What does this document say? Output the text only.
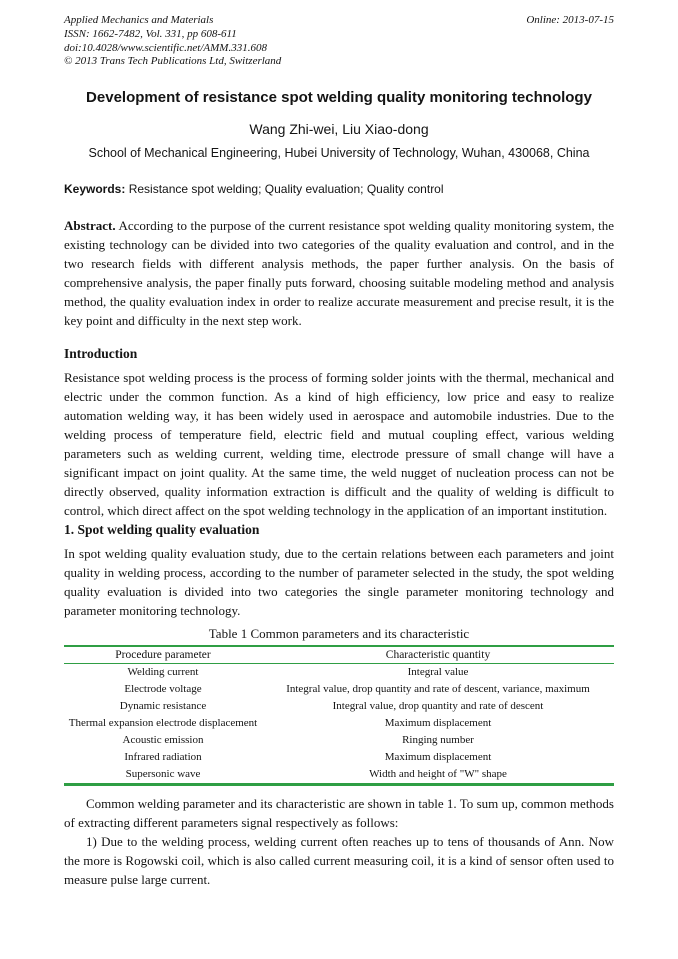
Applied Mechanics and Materials
ISSN: 1662-7482, Vol. 331, pp 608-611
doi:10.4028/www.scientific.net/AMM.331.608
© 2013 Trans Tech Publications Ltd, Switzerland
Online: 2013-07-15
Development of resistance spot welding quality monitoring technology
Wang Zhi-wei, Liu Xiao-dong
School of Mechanical Engineering, Hubei University of Technology, Wuhan, 430068, China
Keywords: Resistance spot welding; Quality evaluation; Quality control

Abstract. According to the purpose of the current resistance spot welding quality monitoring system, the existing technology can be divided into two categories of the quality evaluation and control, and in the two research fields with different analysis methods, the paper further analysis. On the basis of comprehensive analysis, the paper finally puts forward, choosing suitable modeling method and analysis method, the quality evaluation index in order to realize accurate measurement and precise result, it is the key point and difficulty in the next step work.

Introduction

Resistance spot welding process is the process of forming solder joints with the thermal, mechanical and electric under the common function. As a kind of high efficiency, low price and easy to realize automation welding way, it has been widely used in aerospace and automobile industries. Due to the welding process of temperature field, electric field and mutual coupling effect, various welding parameters such as welding current, welding time, electrode pressure of small change will have a significant impact on joint quality. At the same time, the weld nugget of nucleation process can not be directly observed, quality information extraction is difficult and the quality of welding is difficult to control, which direct affect on the spot welding technology in the application of an important institution.

1. Spot welding quality evaluation

In spot welding quality evaluation study, due to the certain relations between each parameters and joint quality in welding process, according to the number of parameter selected in the study, the spot welding quality evaluation is divided into two categories the single parameter monitoring technology and parameter monitoring technology.

Table 1 Common parameters and its characteristic
Procedure parameter	Characteristic quantity
Welding current	Integral value
Electrode voltage	Integral value, drop quantity and rate of descent, variance, maximum
Dynamic resistance	Integral value, drop quantity and rate of descent
Thermal expansion electrode displacement	Maximum displacement
Acoustic emission	Ringing number
Infrared radiation	Maximum displacement
Supersonic wave	Width and height of "W" shape

Common welding parameter and its characteristic are shown in table 1. To sum up, common methods of extracting different parameters signal respectively as follows:

1) Due to the welding process, welding current often reaches up to tens of thousands of Ann. Now the more is Rogowski coil, which is also called current measuring coil, it is a kind of sensor often used to measure pulse large current.
